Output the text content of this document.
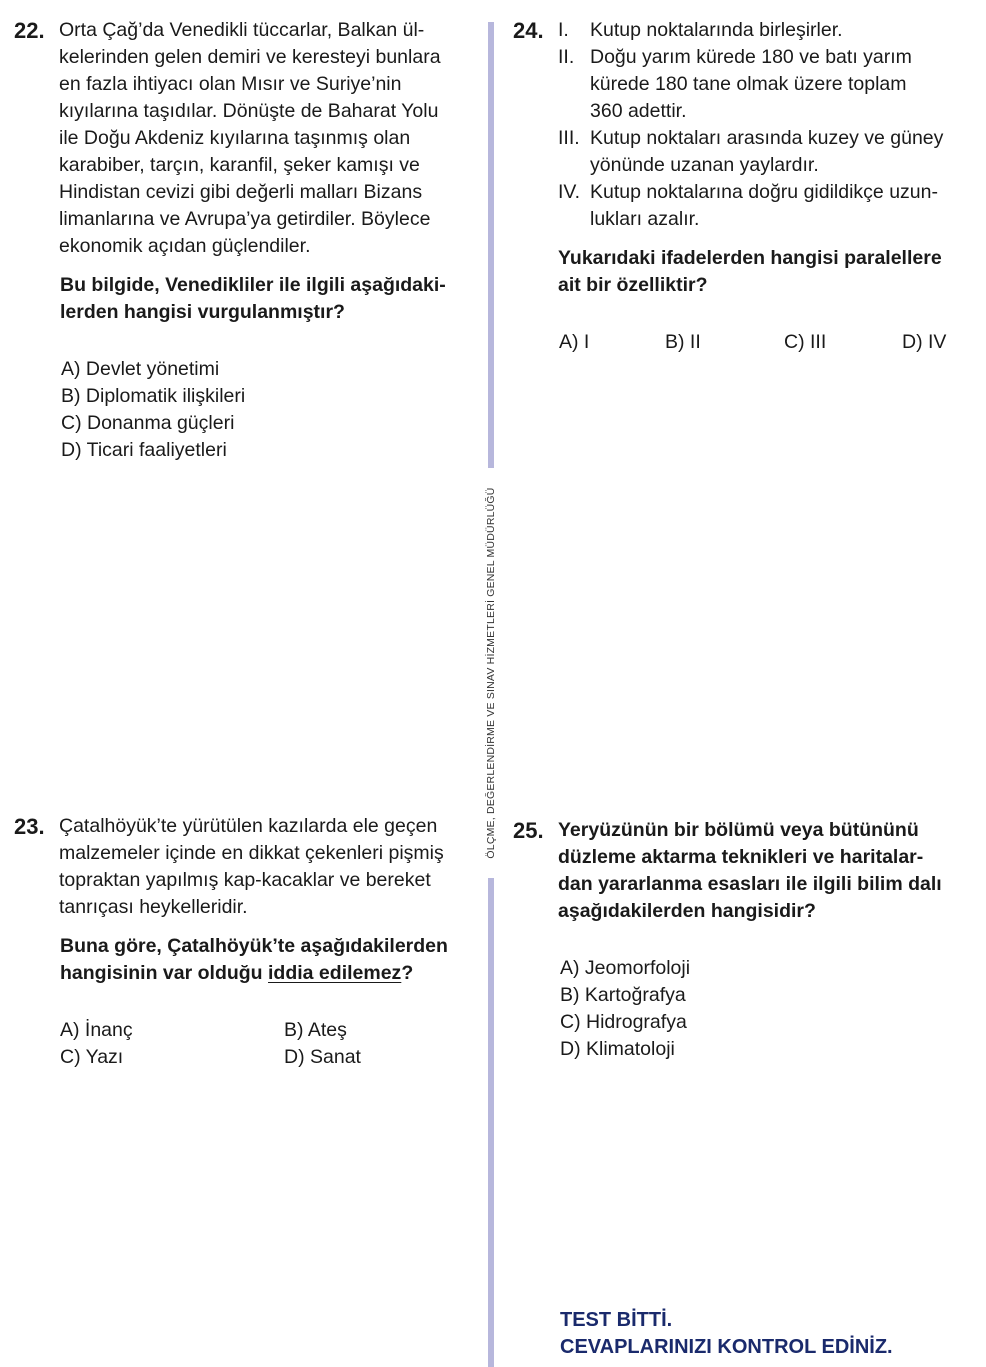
ÖLÇME, DEĞERLENDİRME VE SINAV HİZMETLERİ GENEL MÜDÜRLÜĞÜ
22. Orta Çağ’da Venedikli tüccarlar, Balkan ül-
kelerinden gelen demiri ve keresteyi bunlara
en fazla ihtiyacı olan Mısır ve Suriye’nin
kıyılarına taşıdılar. Dönüşte de Baharat Yolu
ile Doğu Akdeniz kıyılarına taşınmış olan
karabiber, tarçın, karanfil, şeker kamışı ve
Hindistan cevizi gibi değerli malları Bizans
limanlarına ve Avrupa’ya getirdiler. Böylece
ekonomik açıdan güçlendiler.
Bu bilgide, Venedikliler ile ilgili aşağıdaki-
lerden hangisi vurgulanmıştır?
A) Devlet yönetimi
B) Diplomatik ilişkileri
C) Donanma güçleri
D) Ticari faaliyetleri
23. Çatalhöyük’te yürütülen kazılarda ele geçen
malzemeler içinde en dikkat çekenleri pişmiş
topraktan yapılmış kap-kacaklar ve bereket
tanrıçası heykelleridir.
Buna göre, Çatalhöyük’te aşağıdakilerden
hangisinin var olduğu iddia edilemez?
A) İnanç	B) Ateş
C) Yazı	D) Sanat
24. I. Kutup noktalarında birleşirler.
II. Doğu yarım kürede 180 ve batı yarım
kürede 180 tane olmak üzere toplam
360 adettir.
III. Kutup noktaları arasında kuzey ve güney
yönünde uzanan yaylardır.
IV. Kutup noktalarına doğru gidildikçe uzun-
lukları azalır.
Yukarıdaki ifadelerden hangisi paralellere
ait bir özelliktir?
A) I	B) II	C) III	D) IV
25. Yeryüzünün bir bölümü veya bütününü
düzleme aktarma teknikleri ve haritalar-
dan yararlanma esasları ile ilgili bilim dalı
aşağıdakilerden hangisidir?
A) Jeomorfoloji
B) Kartoğrafya
C) Hidrografya
D) Klimatoloji
TEST BİTTİ.
CEVAPLARINIZI KONTROL EDİNİZ.
